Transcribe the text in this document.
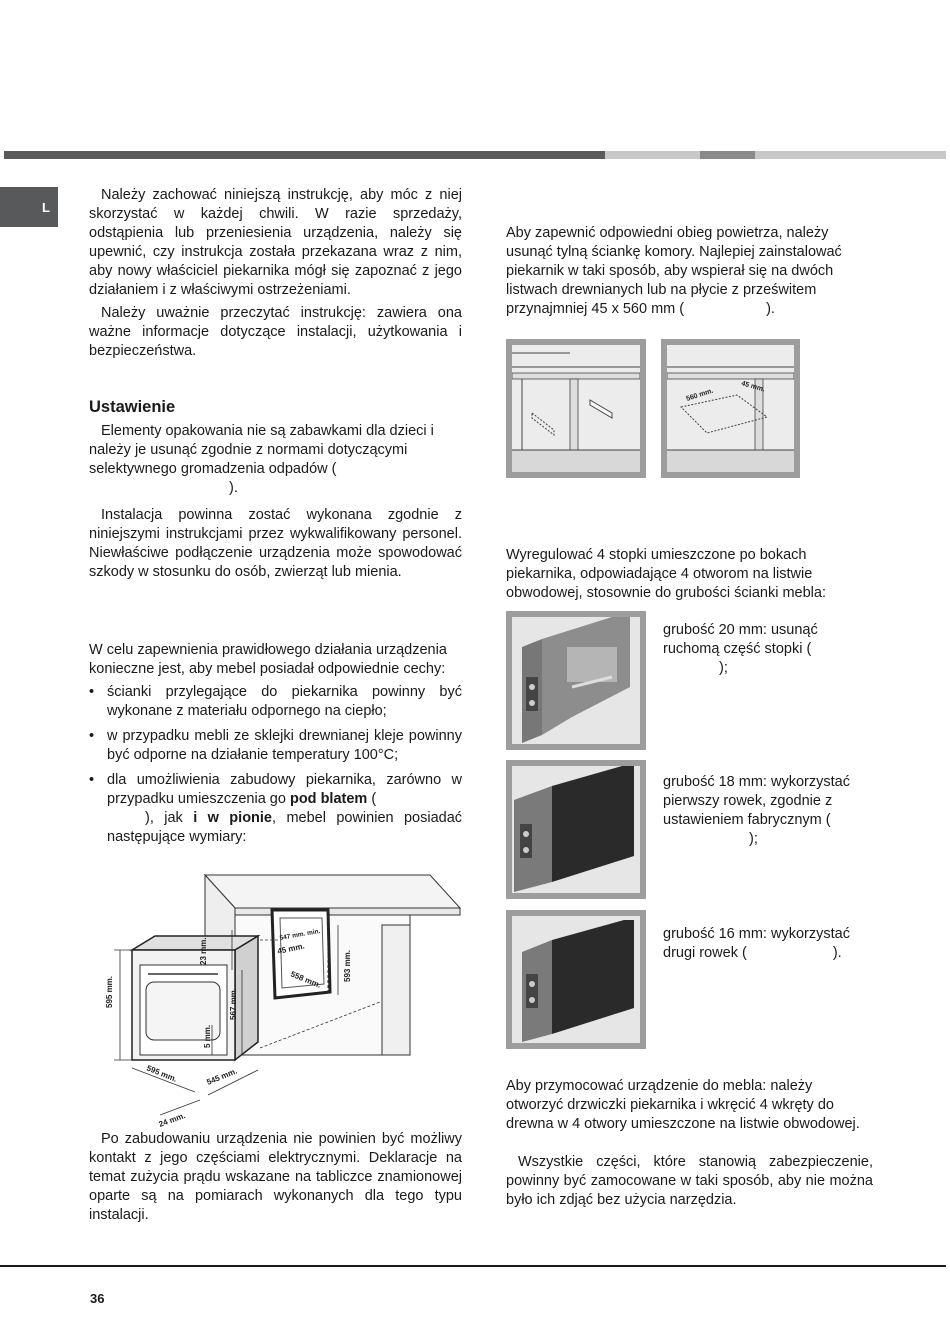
L

Należy zachować niniejszą instrukcję, aby móc z niej skorzystać w każdej chwili. W razie sprzedaży, odstąpienia lub przeniesienia urządzenia, należy się upewnić, czy instrukcja została przekazana wraz z nim, aby nowy właściciel piekarnika mógł się zapoznać z jego działaniem i z właściwymi ostrzeżeniami.

Należy uważnie przeczytać instrukcję: zawiera ona ważne informacje dotyczące instalacji, użytkowania i bezpieczeństwa.

Ustawienie

Elementy opakowania nie są zabawkami dla dzieci i należy je usunąć zgodnie z normami dotyczącymi selektywnego gromadzenia odpadów (
).

Instalacja powinna zostać wykonana zgodnie z niniejszymi instrukcjami przez wykwalifikowany personel. Niewłaściwe podłączenie urządzenia może spowodować szkody w stosunku do osób, zwierząt lub mienia.

W celu zapewnienia prawidłowego działania urządzenia konieczne jest, aby mebel posiadał odpowiednie cechy:

• ścianki przylegające do piekarnika powinny być wykonane z materiału odpornego na ciepło;
• w przypadku mebli ze sklejki drewnianej kleje powinny być odporne na działanie temperatury 100°C;
• dla umożliwienia zabudowy piekarnika, zarówno w przypadku umieszczenia go pod blatem (
), jak i w pionie, mebel powinien posiadać następujące wymiary:
595 mm.
23 mm.
567 mm.
5 mm.
595 mm.	545 mm.
24 mm.
547 mm. min.
45 mm.
558 mm.	593 mm.

Po zabudowaniu urządzenia nie powinien być możliwy kontakt z jego częściami elektrycznymi. Deklaracje na temat zużycia prądu wskazane na tabliczce znamionowej oparte są na pomiarach wykonanych dla tego typu instalacji.

Aby zapewnić odpowiedni obieg powietrza, należy usunąć tylną ściankę komory. Najlepiej zainstalować piekarnik w taki sposób, aby wspierał się na dwóch listwach drewnianych lub na płycie z prześwitem przynajmniej 45 x 560 mm (	).

560 mm.
45 mm.

Wyregulować 4 stopki umieszczone po bokach piekarnika, odpowiadające 4 otworom na listwie obwodowej, stosownie do grubości ścianki mebla:

grubość 20 mm: usunąć ruchomą część stopki (
);
grubość 18 mm: wykorzystać pierwszy rowek, zgodnie z ustawieniem fabrycznym ();
grubość 16 mm: wykorzystać drugi rowek (	).

Aby przymocować urządzenie do mebla: należy otworzyć drzwiczki piekarnika i wkręcić 4 wkręty do drewna w 4 otwory umieszczone na listwie obwodowej.

Wszystkie części, które stanowią zabezpieczenie, powinny być zamocowane w taki sposób, aby nie można było ich zdjąć bez użycia narzędzia.

36
